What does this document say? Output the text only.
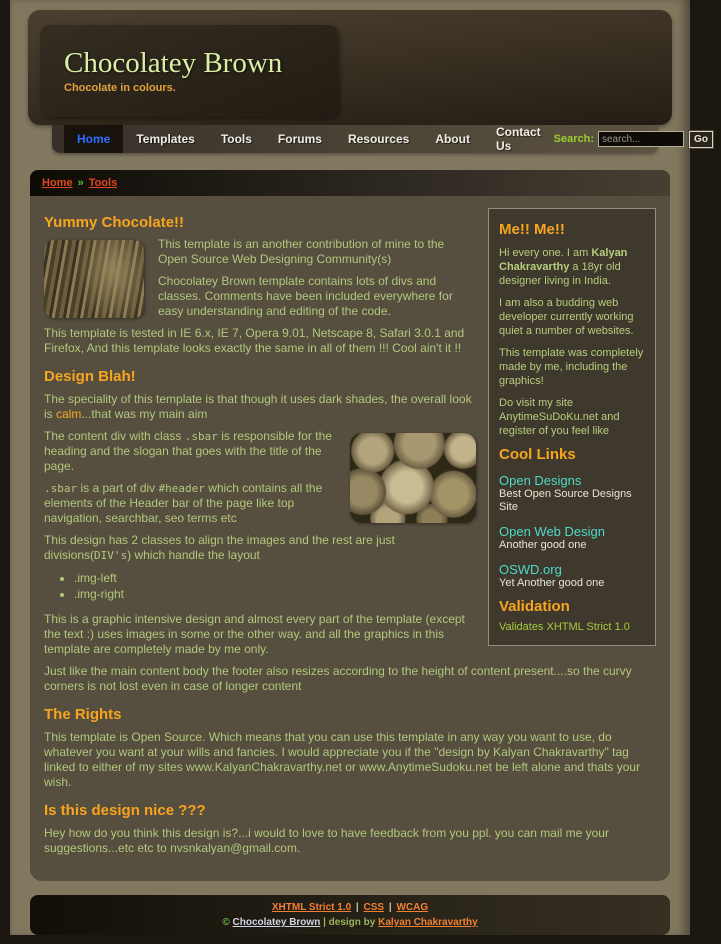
Chocolatey Brown

Chocolate in colours.

Home	Templates	Tools	Forums	Resources	About	Contact Us	Search:
search...	Go
Home » Tools
Me!! Me!!

Hi every one. I am Kalyan Chakravarthy a 18yr old designer living in India.

I am also a budding web developer currently working quiet a number of websites.

This template was completely made by me, including the graphics!

Do visit my site AnytimeSuDoKu.net and register of you feel like

Cool Links
Open Designs
Best Open Source Designs Site
Open Web Design
Another good one
OSWD.org
Yet Another good one
Validation
Validates XHTML Strict 1.0
Yummy Chocolate!!

This template is an another contribution of mine to the Open Source Web Designing Community(s)

Chocolatey Brown template contains lots of divs and classes. Comments have been included everywhere for easy understanding and editing of the code.

This template is tested in IE 6.x, IE 7, Opera 9.01, Netscape 8, Safari 3.0.1 and Firefox, And this template looks exactly the same in all of them !!! Cool ain't it !!

Design Blah!

The speciality of this template is that though it uses dark shades, the overall look is calm...that was my main aim

The content div with class .sbar is responsible for the heading and the slogan that goes with the title of the page.

.sbar is a part of div #header which contains all the elements of the Header bar of the page like top navigation, searchbar, seo terms etc

This design has 2 classes to align the images and the rest are just divisions(DIV's) which handle the layout

• .img-left
• .img-right

This is a graphic intensive design and almost every part of the template (except the text :) uses images in some or the other way. and all the graphics in this template are completely made by me only.

Just like the main content body the footer also resizes according to the height of content present....so the curvy corners is not lost even in case of longer content

The Rights

This template is Open Source. Which means that you can use this template in any way you want to use, do whatever you want at your wills and fancies. I would appreciate you if the "design by Kalyan Chakravarthy" tag linked to either of my sites www.KalyanChakravarthy.net or www.AnytimeSudoku.net be left alone and thats your wish.

Is this design nice ???

Hey how do you think this design is?...i would to love to have feedback from you ppl. you can mail me your suggestions...etc etc to nvsnkalyan@gmail.com.

XHTML Strict 1.0 | CSS | WCAG
© Chocolatey Brown | design by Kalyan Chakravarthy
